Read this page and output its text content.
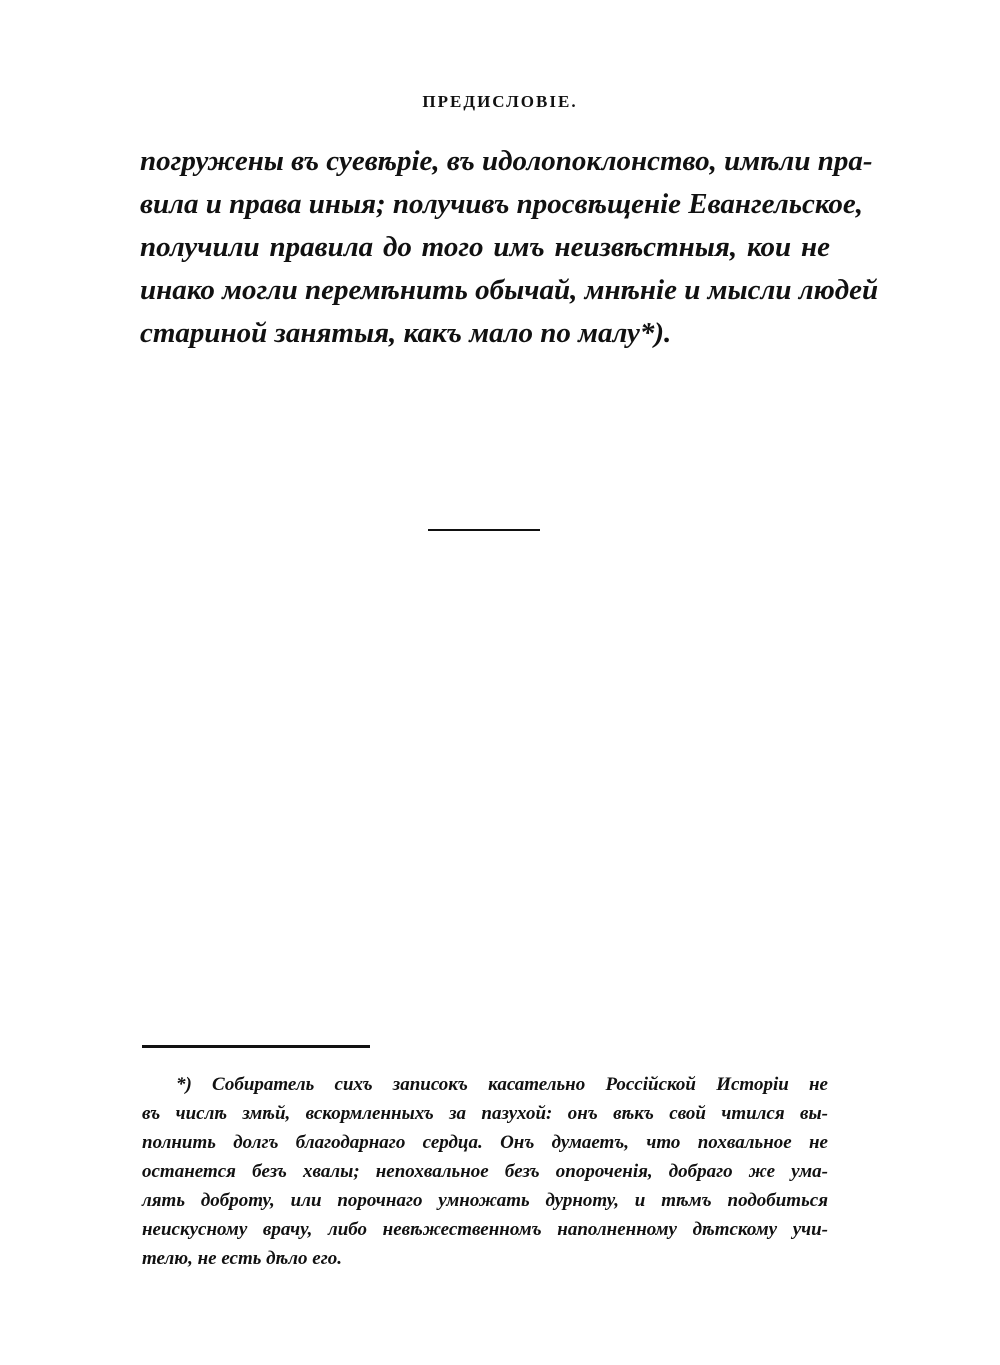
ПРЕДИСЛОВІЕ.

погружены въ суевѣріе, въ идолопоклонство, имѣли пра-
вила и права иныя; получивъ просвѣщеніе Евангельское,
получили правила до того имъ неизвѣстныя, кои не
инако могли перемѣнить обычай, мнѣніе и мысли людей
стариной занятыя, какъ мало по малу*).

*) Собиратель сихъ записокъ касательно Россійской Исторіи не
въ числѣ змѣй, вскормленныхъ за пазухой: онъ вѣкъ свой чтился вы-
полнить долгъ благодарнаго сердца. Онъ думаетъ, что похвальное не
останется безъ хвалы; непохвальное безъ опороченія, добраго же ума-
лять доброту, или порочнаго умножать дурноту, и тѣмъ подобиться
неискусному врачу, либо невѣжественномъ наполненному дѣтскому учи-
телю, не есть дѣло его.
